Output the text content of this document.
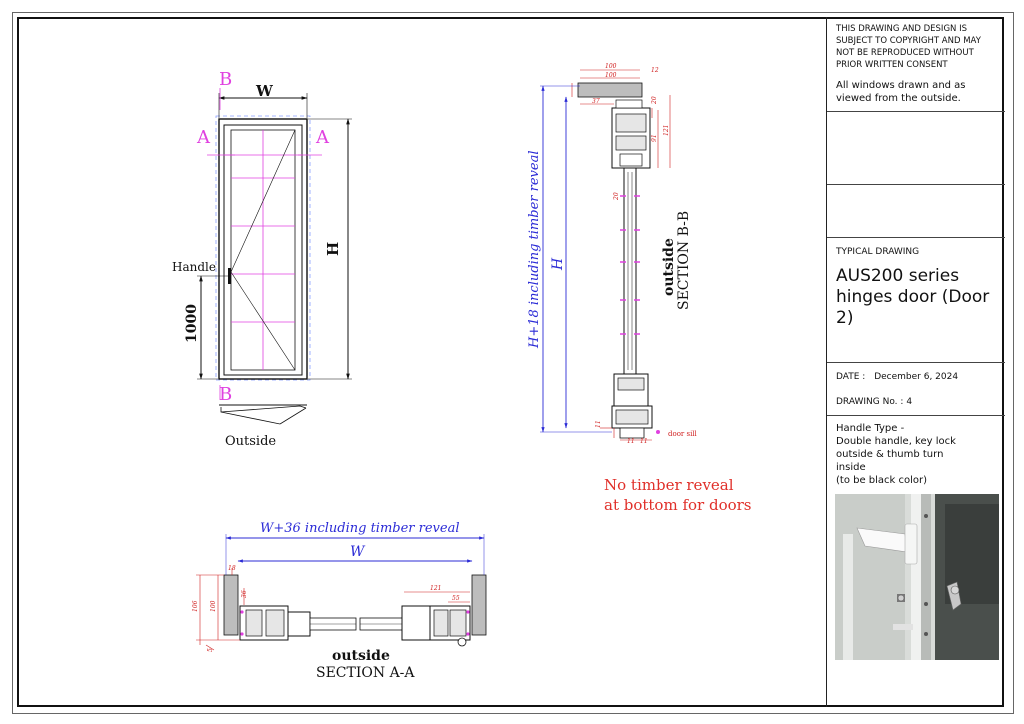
W
H
1000
Handle
B
B
A	A
Outside
100
100
12
37
20
91
121
20
11
11 11
door sill
H+18 including timber reveal H	outside SECTION B-B
No timber reveal
at bottom for doors
18
36
100
106
121
55
5
W+36 including timber reveal
W
outside
SECTION A-A
THIS DRAWING AND DESIGN IS SUBJECT TO COPYRIGHT AND MAY NOT BE REPRODUCED WITHOUT PRIOR WRITTEN CONSENT
All windows drawn and as viewed from the outside.
TYPICAL DRAWING
AUS200 series hinges door (Door 2)
DATE : December 6, 2024
DRAWING No. : 4
Handle Type -
Double handle, key lock outside & thumb turn inside
(to be black color)
